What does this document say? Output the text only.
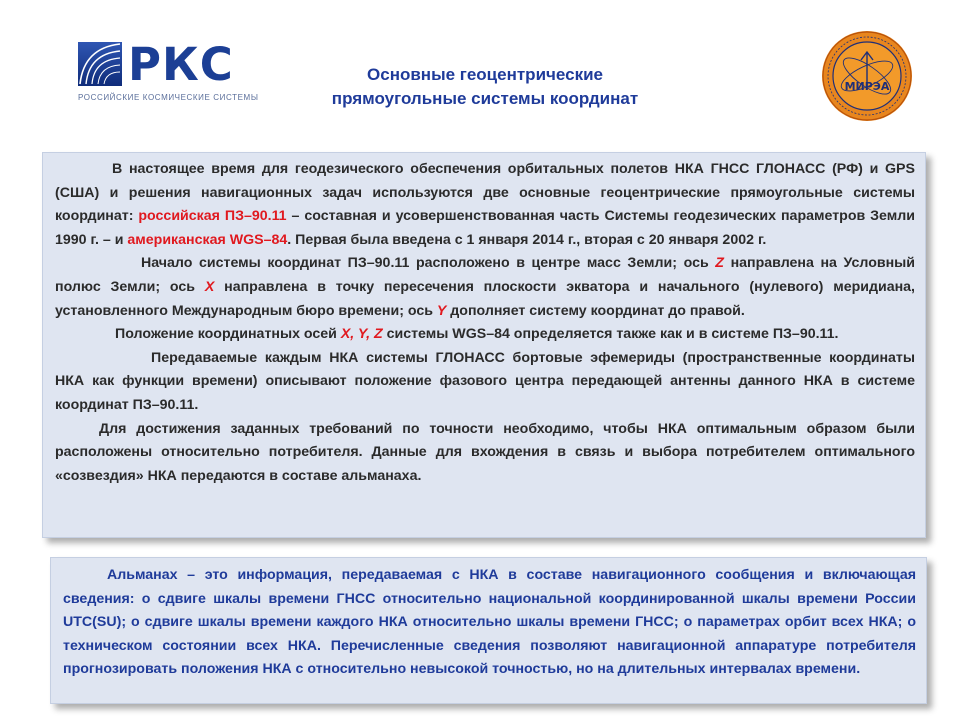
РКС
РОССИЙСКИЕ КОСМИЧЕСКИЕ СИСТЕМЫ
Основные геоцентрические
прямоугольные системы координат
МИРЭА

В настоящее время для геодезического обеспечения орбитальных полетов НКА ГНСС ГЛОНАСС (РФ) и GPS (США) и решения навигационных задач используются две основные геоцентрические прямоугольные системы координат: российская ПЗ–90.11 – составная и усовершенствованная часть Системы геодезических параметров Земли 1990 г. – и американская WGS–84. Первая была введена с 1 января 2014 г., вторая с 20 января 2002 г.

Начало системы координат ПЗ–90.11 расположено в центре масс Земли; ось Z направлена на Условный полюс Земли; ось X направлена в точку пересечения плоскости экватора и начального (нулевого) меридиана, установленного Международным бюро времени; ось Y дополняет систему координат до правой.

Положение координатных осей X, Y, Z системы WGS–84 определяется также как и в системе ПЗ–90.11.

Передаваемые каждым НКА системы ГЛОНАСС бортовые эфемериды (пространственные координаты НКА как функции времени) описывают положение фазового центра передающей антенны данного НКА в системе координат ПЗ–90.11.

Для достижения заданных требований по точности необходимо, чтобы НКА оптимальным образом были расположены относительно потребителя. Данные для вхождения в связь и выбора потребителем оптимального «созвездия» НКА передаются в составе альманаха.

Альманах – это информация, передаваемая с НКА в составе навигационного сообщения и включающая сведения: о сдвиге шкалы времени ГНСС относительно национальной координированной шкалы времени России UTC(SU); о сдвиге шкалы времени каждого НКА относительно шкалы времени ГНСС; о параметрах орбит всех НКА; о техническом состоянии всех НКА. Перечисленные сведения позволяют навигационной аппаратуре потребителя прогнозировать положения НКА с относительно невысокой точностью, но на длительных интервалах времени.
